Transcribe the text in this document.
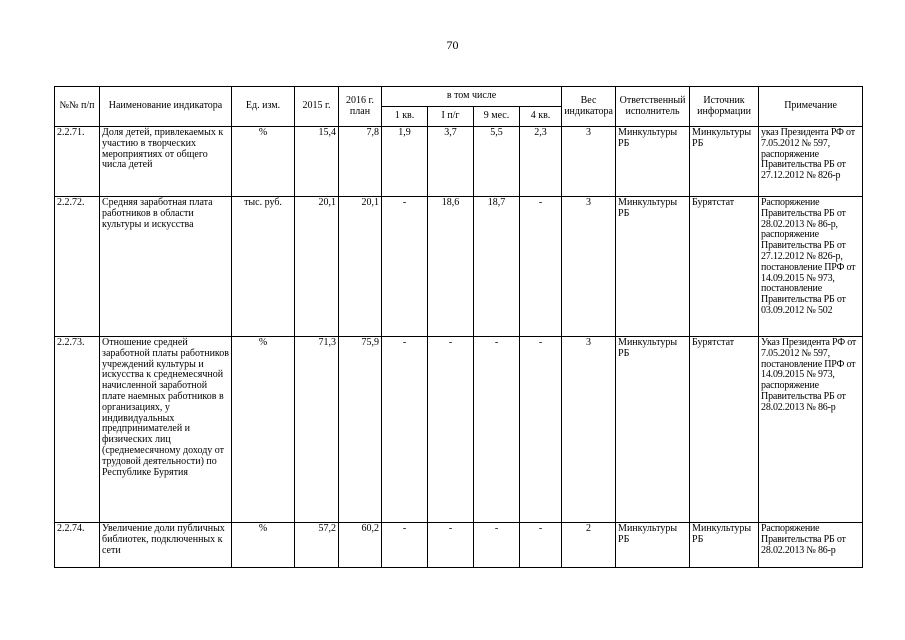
70
№№ п/п	Наименование индикатора	Ед. изм.	2015 г.	2016 г. план	в том числе				Вес индикатора	Ответственный исполнитель	Источник информации	Примечание
					1 кв.	I п/г	9 мес.	4 кв.				
2.2.71.	Доля детей, привлекаемых к участию в творческих мероприятиях от общего числа детей	%	15,4	7,8	1,9	3,7	5,5	2,3	3	Минкультуры РБ	Минкультуры РБ	указ Президента РФ от 7.05.2012 № 597, распоряжение Правительства РБ от 27.12.2012 № 826-р
2.2.72.	Средняя заработная плата работников в области культуры и искусства	тыс. руб.	20,1	20,1	-	18,6	18,7	-	3	Минкультуры РБ	Бурятстат	Распоряжение Правительства РБ от 28.02.2013 № 86-р, распоряжение Правительства РБ от 27.12.2012 № 826-р, постановление ПРФ от 14.09.2015 № 973, постановление Правительства РБ от 03.09.2012 № 502
2.2.73.	Отношение средней заработной платы работников учреждений культуры и искусства к среднемесячной начисленной заработной плате наемных работников в организациях, у индивидуальных предпринимателей и физических лиц (среднемесячному доходу от трудовой деятельности) по Республике Бурятия	%	71,3	75,9	-	-	-	-	3	Минкультуры РБ	Бурятстат	Указ Президента РФ от 7.05.2012 № 597, постановление ПРФ от 14.09.2015 № 973, распоряжение Правительства РБ от 28.02.2013 № 86-р
2.2.74.	Увеличение доли публичных библиотек, подключенных к сети	%	57,2	60,2	-	-	-	-	2	Минкультуры РБ	Минкультуры РБ	Распоряжение Правительства РБ от 28.02.2013 № 86-р
